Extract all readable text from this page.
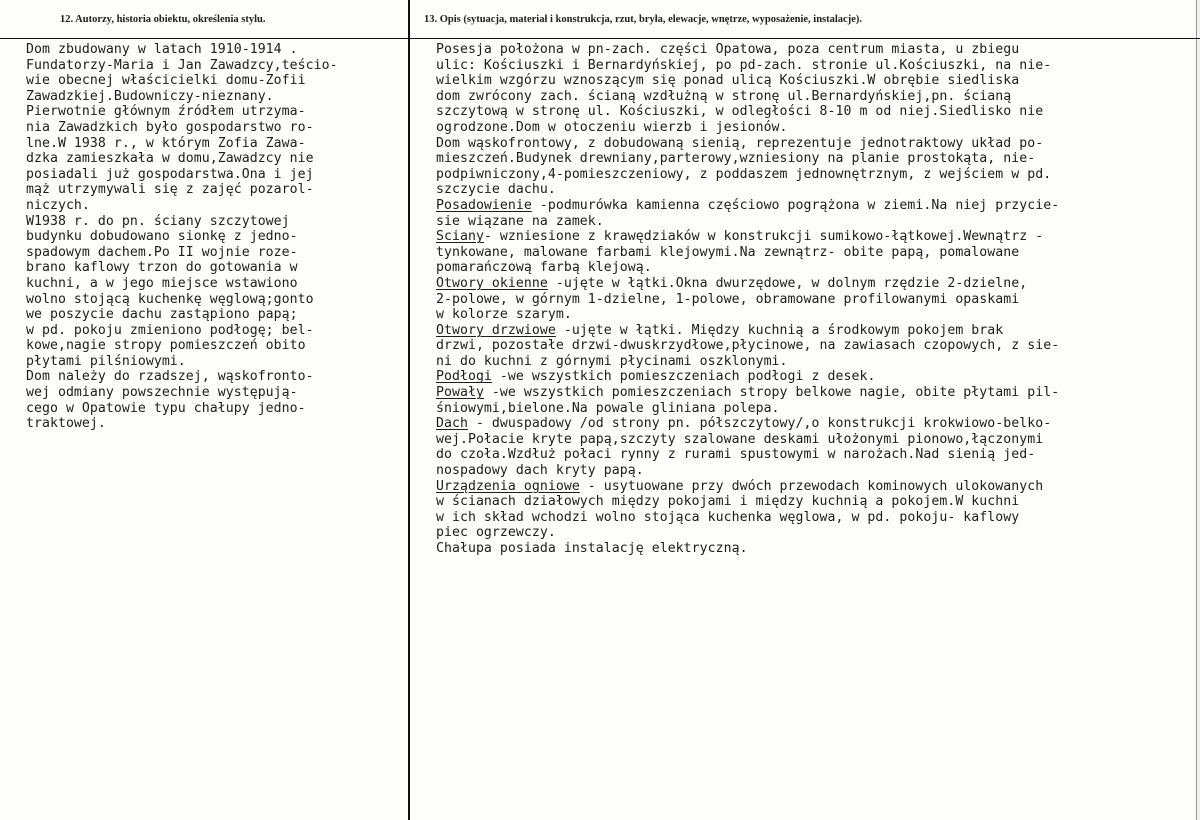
12. Autorzy, historia obiektu, określenia stylu.	13. Opis (sytuacja, materiał i konstrukcja, rzut, bryła, elewacje, wnętrze, wyposażenie, instalacje).
Dom zbudowany w latach 1910-1914 .
Fundatorzy-Maria i Jan Zawadzcy,teścio-
wie obecnej właścicielki domu-Zofii
Zawadzkiej.Budowniczy-nieznany.
Pierwotnie głównym źródłem utrzyma-
nia Zawadzkich było gospodarstwo ro-
lne.W 1938 r., w którym Zofia Zawa-
dzka zamieszkała w domu,Zawadzcy nie
posiadali już gospodarstwa.Ona i jej
mąż utrzymywali się z zajęć pozarol-
niczych.
W1938 r. do pn. ściany szczytowej
budynku dobudowano sionkę z jedno-
spadowym dachem.Po II wojnie roze-
brano kaflowy trzon do gotowania w
kuchni, a w jego miejsce wstawiono
wolno stojącą kuchenkę węglową;gonto
we poszycie dachu zastąpiono papą;
w pd. pokoju zmieniono podłogę; bel-
kowe,nagie stropy pomieszczeń obito
płytami pilśniowymi.
Dom należy do rzadszej, wąskofronto-
wej odmiany powszechnie występują-
cego w Opatowie typu chałupy jedno-
traktowej.
Posesja położona w pn-zach. części Opatowa, poza centrum miasta, u zbiegu
ulic: Kościuszki i Bernardyńskiej, po pd-zach. stronie ul.Kościuszki, na nie-
wielkim wzgórzu wznoszącym się ponad ulicą Kościuszki.W obrębie siedliska
dom zwrócony zach. ścianą wzdłużną w stronę ul.Bernardyńskiej,pn. ścianą
szczytową w stronę ul. Kościuszki, w odległości 8-10 m od niej.Siedlisko nie
ogrodzone.Dom w otoczeniu wierzb i jesionów.
Dom wąskofrontowy, z dobudowaną sienią, reprezentuje jednotraktowy układ po-
mieszczeń.Budynek drewniany,parterowy,wzniesiony na planie prostokąta, nie-
podpiwniczony,4-pomieszczeniowy, z poddaszem jednownętrznym, z wejściem w pd.
szczycie dachu.
Posadowienie -podmurówka kamienna częściowo pogrążona w ziemi.Na niej przycie-
sie wiązane na zamek.
Ściany- wzniesione z krawędziaków w konstrukcji sumikowo-łątkowej.Wewnątrz -
tynkowane, malowane farbami klejowymi.Na zewnątrz- obite papą, pomalowane
pomarańczową farbą klejową.
Otwory okienne -ujęte w łątki.Okna dwurzędowe, w dolnym rzędzie 2-dzielne,
2-polowe, w górnym 1-dzielne, 1-polowe, obramowane profilowanymi opaskami
w kolorze szarym.
Otwory drzwiowe -ujęte w łątki. Między kuchnią a środkowym pokojem brak
drzwi, pozostałe drzwi-dwuskrzydłowe,płycinowe, na zawiasach czopowych, z sie-
ni do kuchni z górnymi płycinami oszklonymi.
Podłogi -we wszystkich pomieszczeniach podłogi z desek.
Powały -we wszystkich pomieszczeniach stropy belkowe nagie, obite płytami pil-
śniowymi,bielone.Na powale gliniana polepa.
Dach - dwuspadowy /od strony pn. półszczytowy/,o konstrukcji krokwiowo-belko-
wej.Połacie kryte papą,szczyty szalowane deskami ułożonymi pionowo,łączonymi
do czoła.Wzdłuż połaci rynny z rurami spustowymi w narożach.Nad sienią jed-
nospadowy dach kryty papą.
Urządzenia ogniowe - usytuowane przy dwóch przewodach kominowych ulokowanych
w ścianach działowych między pokojami i między kuchnią a pokojem.W kuchni
w ich skład wchodzi wolno stojąca kuchenka węglowa, w pd. pokoju- kaflowy
piec ogrzewczy.
Chałupa posiada instalację elektryczną.
